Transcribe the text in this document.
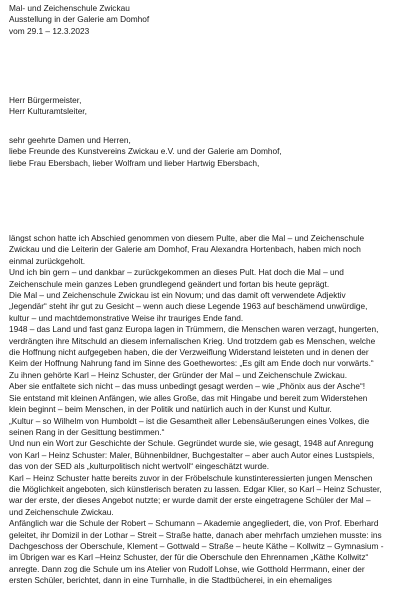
Mal- und Zeichenschule Zwickau
Ausstellung in der Galerie am Domhof
vom 29.1 – 12.3.2023
Herr Bürgermeister,
Herr Kulturamtsleiter,
sehr geehrte Damen und Herren,
liebe Freunde des Kunstvereins Zwickau e.V. und der Galerie am Domhof,
liebe Frau Ebersbach, lieber Wolfram und lieber Hartwig Ebersbach,
längst schon hatte ich Abschied genommen von diesem Pulte, aber die Mal – und Zeichenschule
Zwickau und die Leiterin der Galerie am Domhof, Frau Alexandra Hortenbach, haben mich noch
einmal zurückgeholt.
Und ich bin gern – und dankbar – zurückgekommen an dieses Pult. Hat doch die Mal – und
Zeichenschule mein ganzes Leben grundlegend geändert und fortan bis heute geprägt.
Die Mal – und Zeichenschule Zwickau ist ein Novum; und das damit oft verwendete Adjektiv
„legendär“ steht ihr gut zu Gesicht – wenn auch diese Legende 1963 auf beschämend unwürdige,
kultur – und machtdemonstrative Weise ihr trauriges Ende fand.
1948 – das Land und fast ganz Europa lagen in Trümmern, die Menschen waren verzagt, hungerten,
verdrängten ihre Mitschuld an diesem infernalischen Krieg. Und trotzdem gab es Menschen, welche
die Hoffnung nicht aufgegeben haben, die der Verzweiflung Widerstand leisteten und in denen der
Keim der Hoffnung Nahrung fand im Sinne des Goethewortes: „Es gilt am Ende doch nur vorwärts.“
Zu ihnen gehörte Karl – Heinz Schuster, der Gründer der Mal – und Zeichenschule Zwickau.
Aber sie entfaltete sich nicht – das muss unbedingt gesagt werden – wie „Phönix aus der Asche“!
Sie entstand mit kleinen Anfängen, wie alles Große, das mit Hingabe und bereit zum Widerstehen
klein beginnt – beim Menschen, in der Politik und natürlich auch in der Kunst und Kultur.
„Kultur – so Wilhelm von Humboldt – ist die Gesamtheit aller Lebensäußerungen eines Volkes, die
seinen Rang in der Gesittung bestimmen.“
Und nun ein Wort zur Geschichte der Schule. Gegründet wurde sie, wie gesagt, 1948 auf Anregung
von Karl – Heinz Schuster: Maler, Bühnenbildner, Buchgestalter – aber auch Autor eines Lustspiels,
das von der SED als „kulturpolitisch nicht wertvoll“ eingeschätzt wurde.
Karl – Heinz Schuster hatte bereits zuvor in der Fröbelschule kunstinteressierten jungen Menschen
die Möglichkeit angeboten, sich künstlerisch beraten zu lassen. Edgar Klier, so Karl – Heinz Schuster,
war der erste, der dieses Angebot nutzte; er wurde damit der erste eingetragene Schüler der Mal –
und Zeichenschule Zwickau.
Anfänglich war die Schule der Robert – Schumann – Akademie angegliedert, die, von Prof. Eberhard
geleitet, ihr Domizil in der Lothar – Streit – Straße hatte, danach aber mehrfach umziehen musste: ins
Dachgeschoss der Oberschule, Klement – Gottwald – Straße – heute Käthe – Kollwitz – Gymnasium -
im Übrigen war es Karl –Heinz Schuster, der für die Oberschule den Ehrennamen „Käthe Kollwitz“
anregte. Dann zog die Schule um ins Atelier von Rudolf Lohse, wie Gotthold Herrmann, einer der
ersten Schüler, berichtet, dann in eine Turnhalle, in die Stadtbücherei, in ein ehemaliges
